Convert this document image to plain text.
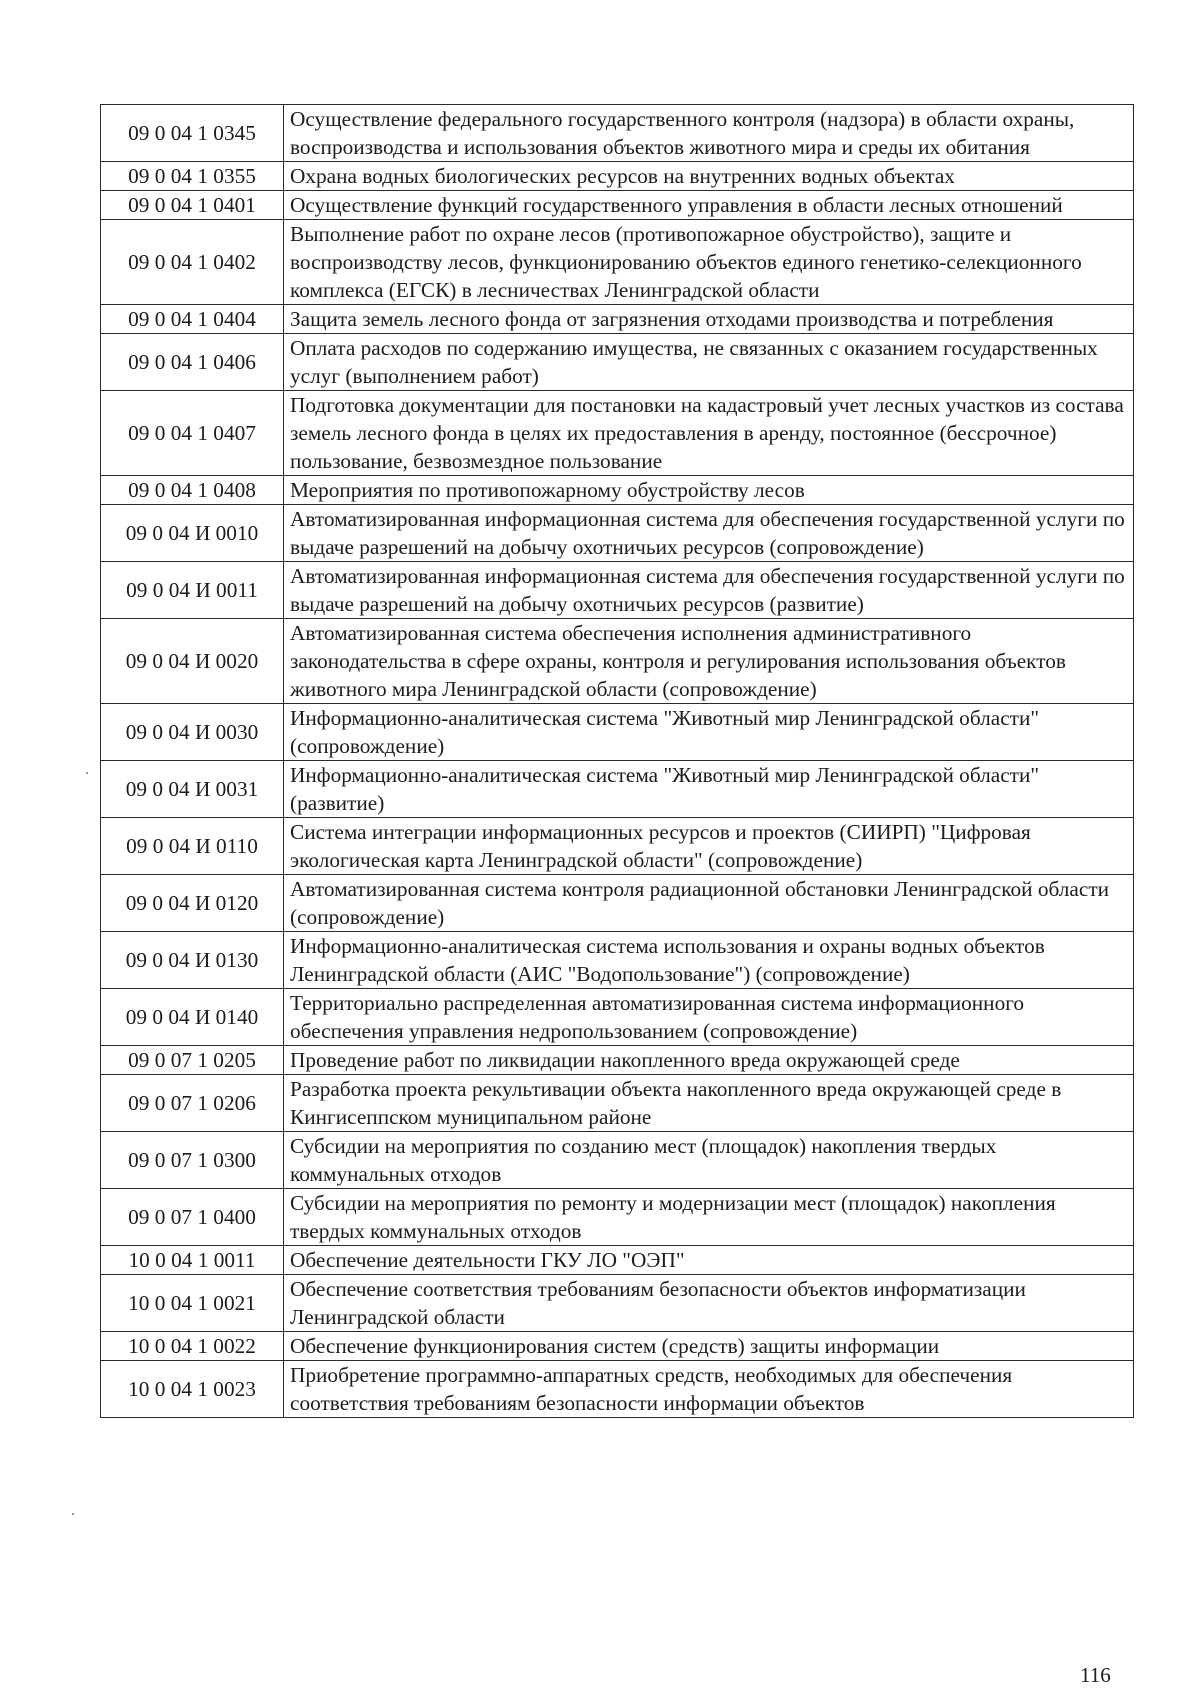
09 0 04 1 0345	Осуществление федерального государственного контроля (надзора) в области охраны, воспроизводства и использования объектов животного мира и среды их обитания
09 0 04 1 0355	Охрана водных биологических ресурсов на внутренних водных объектах
09 0 04 1 0401	Осуществление функций государственного управления в области лесных отношений
09 0 04 1 0402	Выполнение работ по охране лесов (противопожарное обустройство), защите и воспроизводству лесов, функционированию объектов единого генетико-селекционного комплекса (ЕГСК) в лесничествах Ленинградской области
09 0 04 1 0404	Защита земель лесного фонда от загрязнения отходами производства и потребления
09 0 04 1 0406	Оплата расходов по содержанию имущества, не связанных с оказанием государственных услуг (выполнением работ)
09 0 04 1 0407	Подготовка документации для постановки на кадастровый учет лесных участков из состава земель лесного фонда в целях их предоставления в аренду, постоянное (бессрочное) пользование, безвозмездное пользование
09 0 04 1 0408	Мероприятия по противопожарному обустройству лесов
09 0 04 И 0010	Автоматизированная информационная система для обеспечения государственной услуги по выдаче разрешений на добычу охотничьих ресурсов (сопровождение)
09 0 04 И 0011	Автоматизированная информационная система для обеспечения государственной услуги по выдаче разрешений на добычу охотничьих ресурсов (развитие)
09 0 04 И 0020	Автоматизированная система обеспечения исполнения административного законодательства в сфере охраны, контроля и регулирования использования объектов животного мира Ленинградской области (сопровождение)
09 0 04 И 0030	Информационно-аналитическая система "Животный мир Ленинградской области" (сопровождение)
09 0 04 И 0031	Информационно-аналитическая система "Животный мир Ленинградской области" (развитие)
09 0 04 И 0110	Система интеграции информационных ресурсов и проектов (СИИРП) "Цифровая экологическая карта Ленинградской области" (сопровождение)
09 0 04 И 0120	Автоматизированная система контроля радиационной обстановки Ленинградской области (сопровождение)
09 0 04 И 0130	Информационно-аналитическая система использования и охраны водных объектов Ленинградской области (АИС "Водопользование") (сопровождение)
09 0 04 И 0140	Территориально распределенная автоматизированная система информационного обеспечения управления недропользованием (сопровождение)
09 0 07 1 0205	Проведение работ по ликвидации накопленного вреда окружающей среде
09 0 07 1 0206	Разработка проекта рекультивации объекта накопленного вреда окружающей среде в Кингисеппском муниципальном районе
09 0 07 1 0300	Субсидии на мероприятия по созданию мест (площадок) накопления твердых коммунальных отходов
09 0 07 1 0400	Субсидии на мероприятия по ремонту и модернизации мест (площадок) накопления твердых коммунальных отходов
10 0 04 1 0011	Обеспечение деятельности ГКУ ЛО "ОЭП"
10 0 04 1 0021	Обеспечение соответствия требованиям безопасности объектов информатизации Ленинградской области
10 0 04 1 0022	Обеспечение функционирования систем (средств) защиты информации
10 0 04 1 0023	Приобретение программно-аппаратных средств, необходимых для обеспечения соответствия требованиям безопасности информации объектов
116
